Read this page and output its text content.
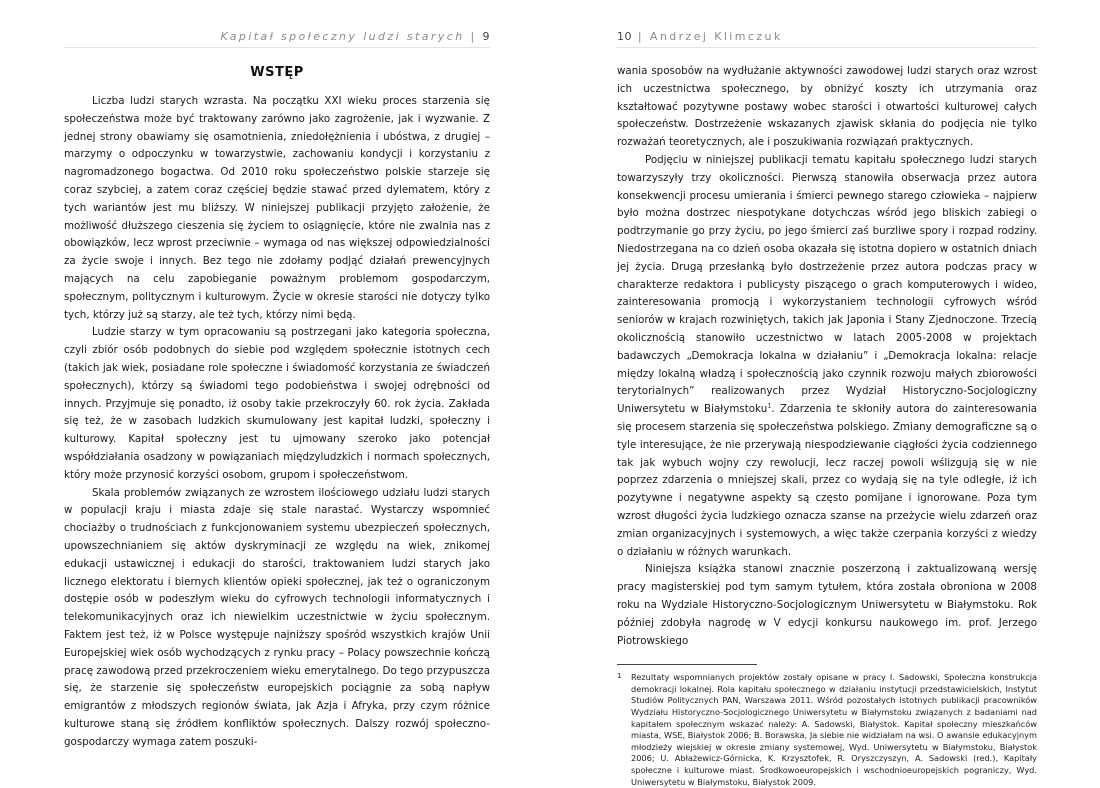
Kapitał społeczny ludzi starych | 9
WSTĘP

Liczba ludzi starych wzrasta. Na początku XXI wieku proces starzenia się społeczeństwa może być traktowany zarówno jako zagrożenie, jak i wyzwanie. Z jednej strony obawiamy się osamotnienia, zniedołężnienia i ubóstwa, z drugiej – marzymy o odpoczynku w towarzystwie, zachowaniu kondycji i korzystaniu z nagromadzonego bogactwa. Od 2010 roku społeczeństwo polskie starzeje się coraz szybciej, a zatem coraz częściej będzie stawać przed dylematem, który z tych wariantów jest mu bliższy. W niniejszej publikacji przyjęto założenie, że możliwość dłuższego cieszenia się życiem to osiągnięcie, które nie zwalnia nas z obowiązków, lecz wprost przeciwnie – wymaga od nas większej odpowiedzialności za życie swoje i innych. Bez tego nie zdołamy podjąć działań prewencyjnych mających na celu zapobieganie poważnym problemom gospodarczym, społecznym, politycznym i kulturowym. Życie w okresie starości nie dotyczy tylko tych, którzy już są starzy, ale też tych, którzy nimi będą.

Ludzie starzy w tym opracowaniu są postrzegani jako kategoria społeczna, czyli zbiór osób podobnych do siebie pod względem społecznie istotnych cech (takich jak wiek, posiadane role społeczne i świadomość korzystania ze świadczeń społecznych), którzy są świadomi tego podobieństwa i swojej odrębności od innych. Przyjmuje się ponadto, iż osoby takie przekroczyły 60. rok życia. Zakłada się też, że w zasobach ludzkich skumulowany jest kapitał ludzki, społeczny i kulturowy. Kapitał społeczny jest tu ujmowany szeroko jako potencjał współdziałania osadzony w powiązaniach międzyludzkich i normach społecznych, który może przynosić korzyści osobom, grupom i społeczeństwom.

Skala problemów związanych ze wzrostem ilościowego udziału ludzi starych w populacji kraju i miasta zdaje się stale narastać. Wystarczy wspomnieć chociażby o trudnościach z funkcjonowaniem systemu ubezpieczeń społecznych, upowszechnianiem się aktów dyskryminacji ze względu na wiek, znikomej edukacji ustawicznej i edukacji do starości, traktowaniem ludzi starych jako licznego elektoratu i biernych klientów opieki społecznej, jak też o ograniczonym dostępie osób w podeszłym wieku do cyfrowych technologii informatycznych i telekomunikacyjnych oraz ich niewielkim uczestnictwie w życiu społecznym. Faktem jest też, iż w Polsce występuje najniższy spośród wszystkich krajów Unii Europejskiej wiek osób wychodzących z rynku pracy – Polacy powszechnie kończą pracę zawodową przed przekroczeniem wieku emerytalnego. Do tego przypuszcza się, że starzenie się społeczeństw europejskich pociągnie za sobą napływ emigrantów z młodszych regionów świata, jak Azja i Afryka, przy czym różnice kulturowe staną się źródłem konfliktów społecznych. Dalszy rozwój społeczno-gospodarczy wymaga zatem poszuki-

10 | Andrzej Klimczuk

wania sposobów na wydłużanie aktywności zawodowej ludzi starych oraz wzrost ich uczestnictwa społecznego, by obniżyć koszty ich utrzymania oraz kształtować pozytywne postawy wobec starości i otwartości kulturowej całych społeczeństw. Dostrzeżenie wskazanych zjawisk skłania do podjęcia nie tylko rozważań teoretycznych, ale i poszukiwania rozwiązań praktycznych.

Podjęciu w niniejszej publikacji tematu kapitału społecznego ludzi starych towarzyszyły trzy okoliczności. Pierwszą stanowiła obserwacja przez autora konsekwencji procesu umierania i śmierci pewnego starego człowieka – najpierw było można dostrzec niespotykane dotychczas wśród jego bliskich zabiegi o podtrzymanie go przy życiu, po jego śmierci zaś burzliwe spory i rozpad rodziny. Niedostrzegana na co dzień osoba okazała się istotna dopiero w ostatnich dniach jej życia. Drugą przesłanką było dostrzeżenie przez autora podczas pracy w charakterze redaktora i publicysty piszącego o grach komputerowych i wideo, zainteresowania promocją i wykorzystaniem technologii cyfrowych wśród seniorów w krajach rozwiniętych, takich jak Japonia i Stany Zjednoczone. Trzecią okolicznością stanowiło uczestnictwo w latach 2005-2008 w projektach badawczych „Demokracja lokalna w działaniu” i „Demokracja lokalna: relacje między lokalną władzą i społecznością jako czynnik rozwoju małych zbiorowości terytorialnych” realizowanych przez Wydział Historyczno-Socjologiczny Uniwersytetu w Białymstoku$^1$. Zdarzenia te skłoniły autora do zainteresowania się procesem starzenia się społeczeństwa polskiego. Zmiany demograficzne są o tyle interesujące, że nie przerywają niespodziewanie ciągłości życia codziennego tak jak wybuch wojny czy rewolucji, lecz raczej powoli wślizgują się w nie poprzez zdarzenia o mniejszej skali, przez co wydają się na tyle odległe, iż ich pozytywne i negatywne aspekty są często pomijane i ignorowane. Poza tym wzrost długości życia ludzkiego oznacza szanse na przeżycie wielu zdarzeń oraz zmian organizacyjnych i systemowych, a więc także czerpania korzyści z wiedzy o działaniu w różnych warunkach.

Niniejsza książka stanowi znacznie poszerzoną i zaktualizowaną wersję pracy magisterskiej pod tym samym tytułem, która została obroniona w 2008 roku na Wydziale Historyczno-Socjologicznym Uniwersytetu w Białymstoku. Rok później zdobyła nagrodę w V edycji konkursu naukowego im. prof. Jerzego Piotrowskiego

1 Rezultaty wspomnianych projektów zostały opisane w pracy I. Sadowski, Społeczna konstrukcja demokracji lokalnej. Rola kapitału społecznego w działaniu instytucji przedstawicielskich, Instytut Studiów Politycznych PAN, Warszawa 2011. Wśród pozostałych istotnych publikacji pracowników Wydziału Historyczno-Socjologicznego Uniwersytetu w Białymstoku związanych z badaniami nad kapitałem społecznym wskazać należy: A. Sadowski, Białystok. Kapitał społeczny mieszkańców miasta, WSE, Białystok 2006; B. Borawska, Ja siebie nie widziałam na wsi. O awansie edukacyjnym młodzieży wiejskiej w okresie zmiany systemowej, Wyd. Uniwersytetu w Białymstoku, Białystok 2006; U. Abłażewicz-Górnicka, K. Krzysztofek, R. Oryszczyszyn, A. Sadowski (red.), Kapitały społeczne i kulturowe miast. Środkowoeuropejskich i wschodnioeuropejskich pograniczy, Wyd. Uniwersytetu w Białymstoku, Białystok 2009.
